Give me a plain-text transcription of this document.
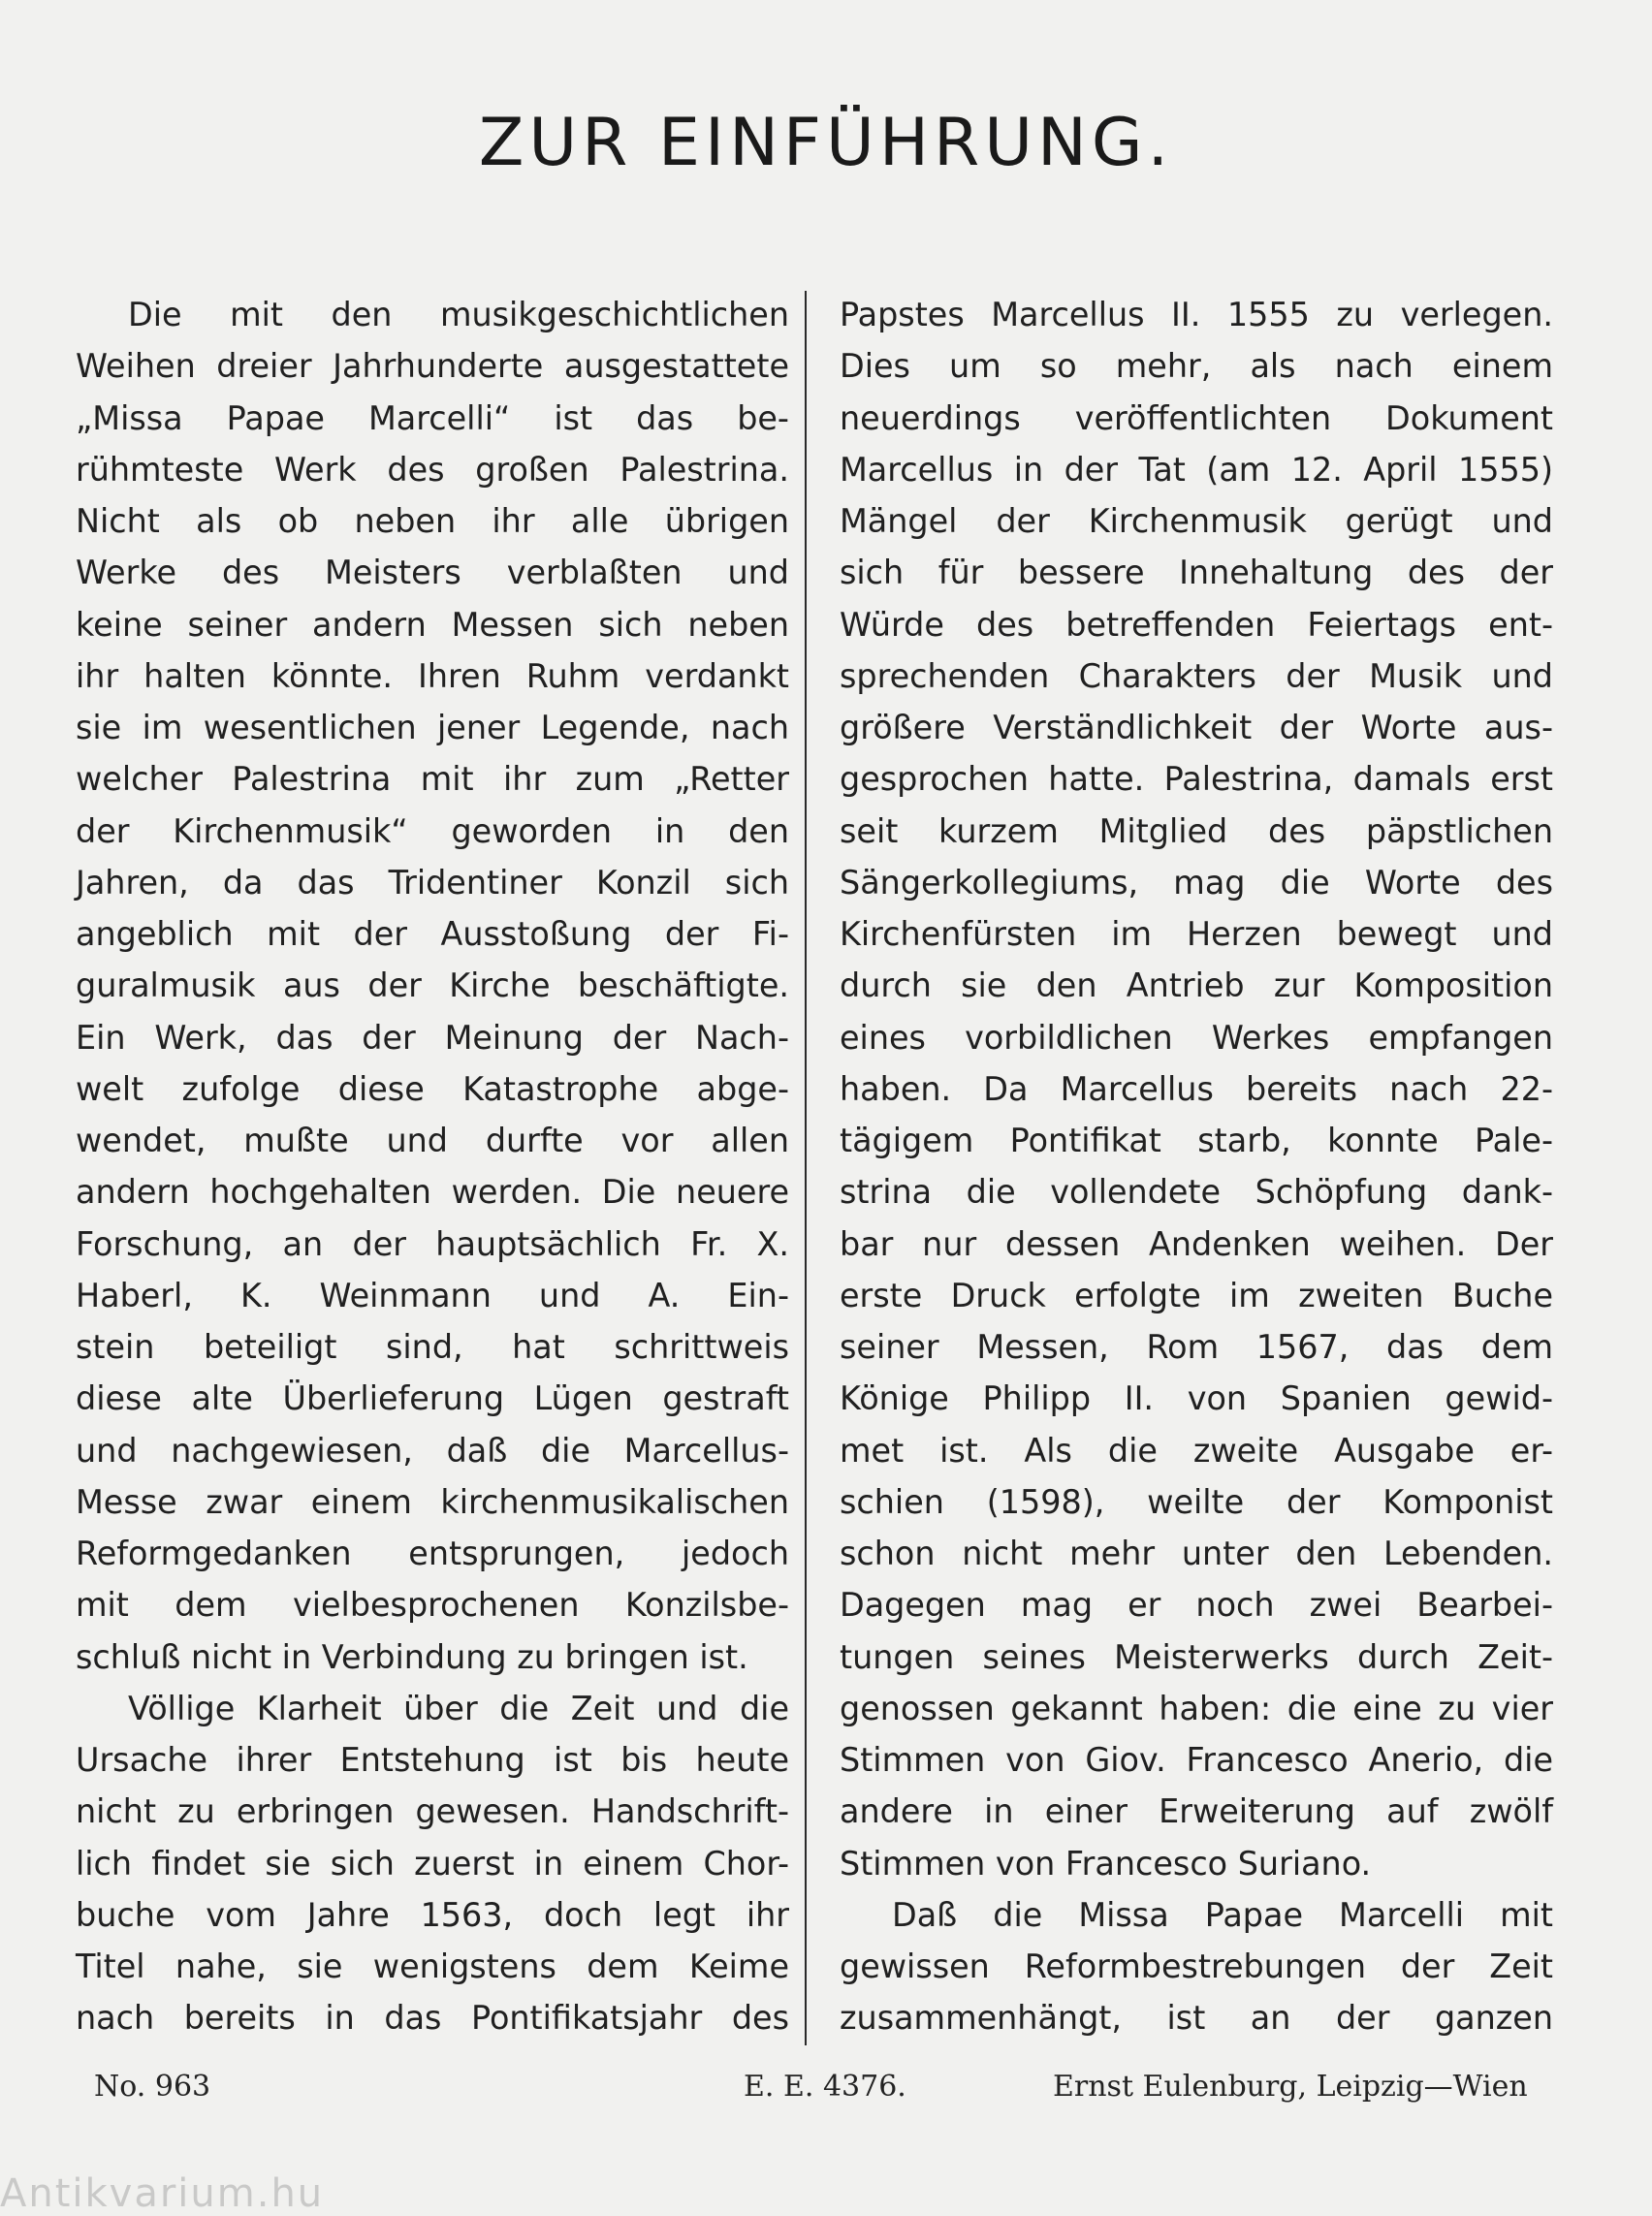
ZUR EINFÜHRUNG.

Die mit den musikgeschichtlichen
Weihen dreier Jahrhunderte ausgestattete
„Missa Papae Marcelli“ ist das be-
rühmteste Werk des großen Palestrina.
Nicht als ob neben ihr alle übrigen
Werke des Meisters verblaßten und
keine seiner andern Messen sich neben
ihr halten könnte. Ihren Ruhm verdankt
sie im wesentlichen jener Legende, nach
welcher Palestrina mit ihr zum „Retter
der Kirchenmusik“ geworden in den
Jahren, da das Tridentiner Konzil sich
angeblich mit der Ausstoßung der Fi-
guralmusik aus der Kirche beschäftigte.
Ein Werk, das der Meinung der Nach-
welt zufolge diese Katastrophe abge-
wendet, mußte und durfte vor allen
andern hochgehalten werden. Die neuere
Forschung, an der hauptsächlich Fr. X.
Haberl, K. Weinmann und A. Ein-
stein beteiligt sind, hat schrittweis
diese alte Überlieferung Lügen gestraft
und nachgewiesen, daß die Marcellus-
Messe zwar einem kirchenmusikalischen
Reformgedanken entsprungen, jedoch
mit dem vielbesprochenen Konzilsbe-
schluß nicht in Verbindung zu bringen ist.

Völlige Klarheit über die Zeit und die
Ursache ihrer Entstehung ist bis heute
nicht zu erbringen gewesen. Handschrift-
lich findet sie sich zuerst in einem Chor-
buche vom Jahre 1563, doch legt ihr
Titel nahe, sie wenigstens dem Keime
nach bereits in das Pontifikatsjahr des

Papstes Marcellus II. 1555 zu verlegen.
Dies um so mehr, als nach einem
neuerdings veröffentlichten Dokument
Marcellus in der Tat (am 12. April 1555)
Mängel der Kirchenmusik gerügt und
sich für bessere Innehaltung des der
Würde des betreffenden Feiertags ent-
sprechenden Charakters der Musik und
größere Verständlichkeit der Worte aus-
gesprochen hatte. Palestrina, damals erst
seit kurzem Mitglied des päpstlichen
Sängerkollegiums, mag die Worte des
Kirchenfürsten im Herzen bewegt und
durch sie den Antrieb zur Komposition
eines vorbildlichen Werkes empfangen
haben. Da Marcellus bereits nach 22-
tägigem Pontifikat starb, konnte Pale-
strina die vollendete Schöpfung dank-
bar nur dessen Andenken weihen. Der
erste Druck erfolgte im zweiten Buche
seiner Messen, Rom 1567, das dem
Könige Philipp II. von Spanien gewid-
met ist. Als die zweite Ausgabe er-
schien (1598), weilte der Komponist
schon nicht mehr unter den Lebenden.
Dagegen mag er noch zwei Bearbei-
tungen seines Meisterwerks durch Zeit-
genossen gekannt haben: die eine zu vier
Stimmen von Giov. Francesco Anerio, die
andere in einer Erweiterung auf zwölf
Stimmen von Francesco Suriano.

Daß die Missa Papae Marcelli mit
gewissen Reformbestrebungen der Zeit
zusammenhängt, ist an der ganzen

No. 963	E. E. 4376.	Ernst Eulenburg, Leipzig—Wien
Antikvarium.hu
